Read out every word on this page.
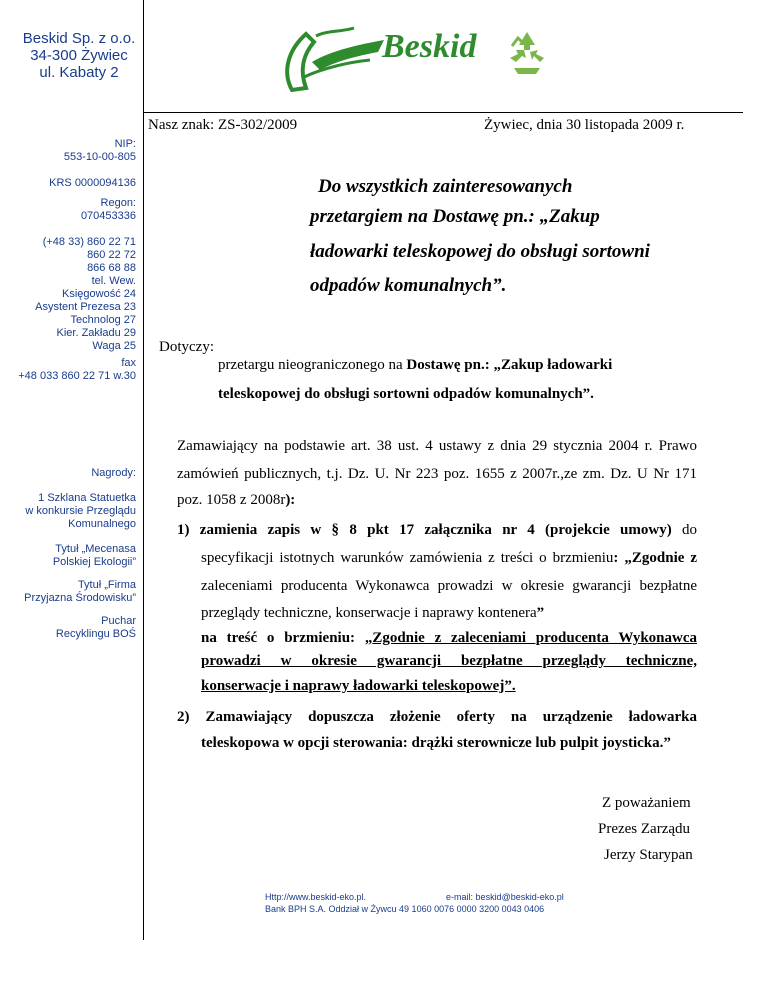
Beskid Sp. z o.o.
34-300 Żywiec
ul. Kabaty 2
Beskid
Nasz znak: ZS-302/2009	Żywiec, dnia 30 listopada 2009 r.
NIP:
553-10-00-805
KRS 0000094136
Regon:
070453336
(+48 33) 860 22 71
860 22 72
866 68 88
tel. Wew.
Księgowość 24
Asystent Prezesa 23
Technolog 27
Kier. Zakładu 29
Waga 25
fax
+48 033 860 22 71 w.30
Nagrody:
1 Szklana Statuetka
w konkursie Przeglądu
Komunalnego
Tytuł „Mecenasa
Polskiej Ekologii”
Tytuł „Firma
Przyjazna Środowisku”
Puchar
Recyklingu BOŚ
Do wszystkich zainteresowanych
przetargiem na Dostawę pn.: „Zakup
ładowarki teleskopowej do obsługi sortowni
odpadów komunalnych”.
Dotyczy:
przetargu nieograniczonego na Dostawę pn.: „Zakup ładowarki
teleskopowej do obsługi sortowni odpadów komunalnych”.
Zamawiający na podstawie art. 38 ust. 4 ustawy z dnia 29 stycznia 2004 r. Prawo
zamówień publicznych, t.j. Dz. U. Nr 223 poz. 1655 z 2007r.,ze zm. Dz. U Nr 171
poz. 1058 z 2008r):
1) zamienia zapis w § 8 pkt 17 załącznika nr 4 (projekcie umowy) do
specyfikacji istotnych warunków zamówienia z treści o brzmieniu: „Zgodnie z
zaleceniami producenta Wykonawca prowadzi w okresie gwarancji bezpłatne
przeglądy techniczne, konserwacje i naprawy kontenera”
na treść o brzmieniu: „Zgodnie z zaleceniami producenta Wykonawca
prowadzi w okresie gwarancji bezpłatne przeglądy techniczne,
konserwacje i naprawy ładowarki teleskopowej”.
2) Zamawiający dopuszcza złożenie oferty na urządzenie ładowarka
teleskopowa w opcji sterowania: drążki sterownicze lub pulpit joysticka.”
Z poważaniem
Prezes Zarządu
Jerzy Starypan
Http://www.beskid-eko.pl.	e-mail: beskid@beskid-eko.pl
Bank BPH S.A. Oddział w Żywcu 49 1060 0076 0000 3200 0043 0406
